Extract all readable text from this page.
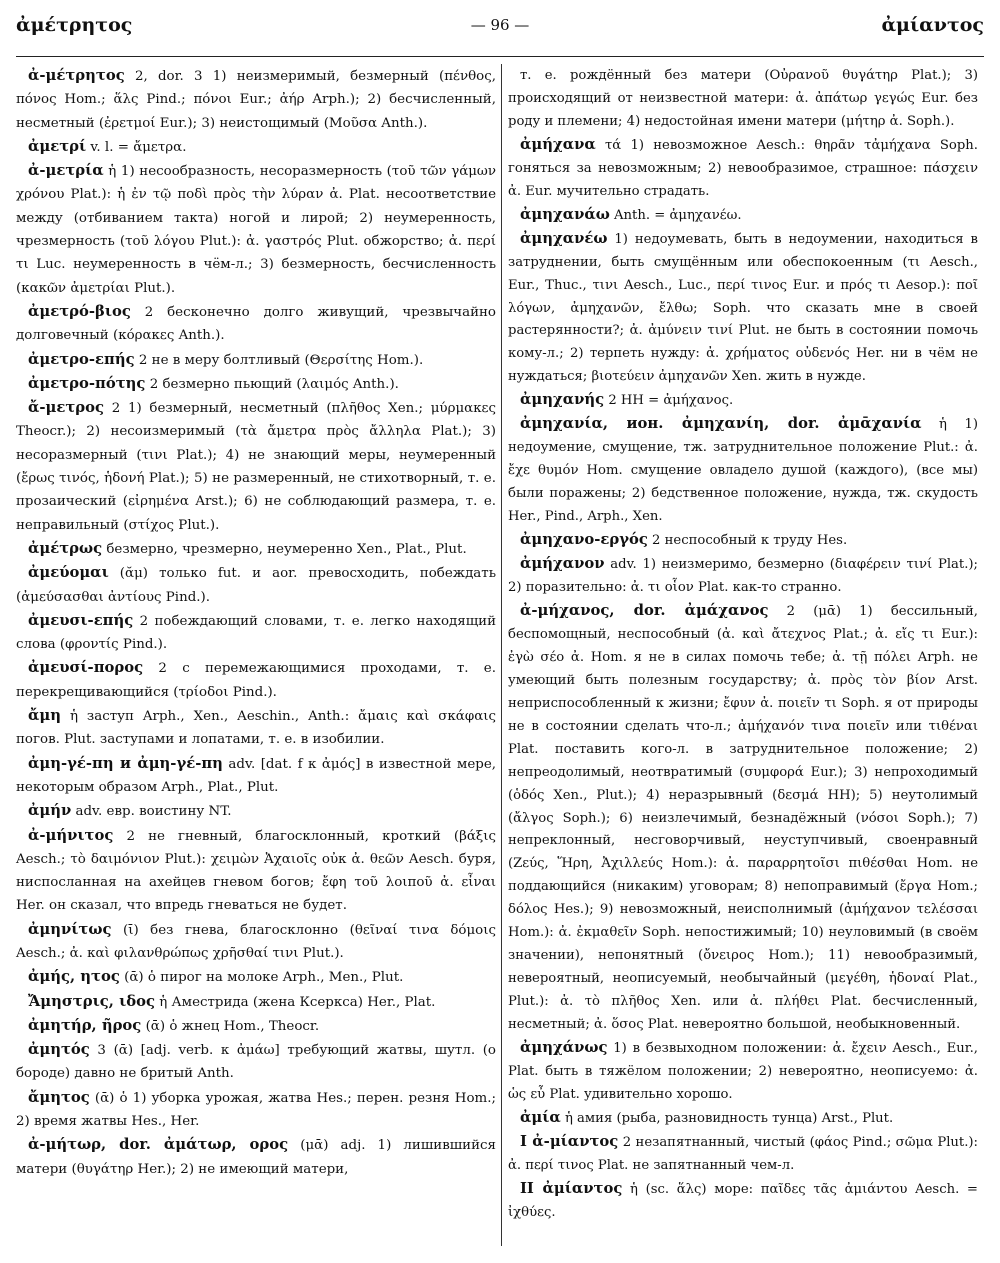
ἀμέτρητος	— 96 —	ἀμίαντος

ἀ-μέτρητος 2, dor. 3 1) неизмеримый, безмерный (πένθος, πόνος Hom.; ἅλς Pind.; πόνοι Eur.; ἀήρ Arph.); 2) бесчисленный, несметный (ἐρετμοί Eur.); 3) неистощимый (Μοῦσα Anth.).

ἀμετρί v. l. = ἄμετρα.

ἀ-μετρία ἡ 1) несообразность, несоразмерность (τοῦ τῶν γάμων χρόνου Plat.): ἡ ἐν τῷ ποδὶ πρὸς τὴν λύραν ἀ. Plat. несоответствие между (отбиванием такта) ногой и лирой; 2) неумеренность, чрезмерность (τοῦ λόγου Plut.): ἀ. γαστρός Plut. обжорство; ἀ. περί τι Luc. неумеренность в чём-л.; 3) безмерность, бесчисленность (κακῶν ἀμετρίαι Plut.).

ἀμετρό-βιος 2 бесконечно долго живущий, чрезвычайно долговечный (κόρακες Anth.).

ἀμετρο-επής 2 не в меру болтливый (Θερσίτης Hom.).

ἀμετρο-πότης 2 безмерно пьющий (λαιμός Anth.).

ἄ-μετρος 2 1) безмерный, несметный (πλῆθος Xen.; μύρμακες Theocr.); 2) несоизмеримый (τὰ ἄμετρα πρὸς ἄλληλα Plat.); 3) несоразмерный (τινι Plat.); 4) не знающий меры, неумеренный (ἔρως τινός, ἡδονή Plat.); 5) не размеренный, не стихотворный, т. е. прозаический (εἰρημένα Arst.); 6) не соблюдающий размера, т. е. неправильный (στίχος Plut.).

ἀμέτρως безмерно, чрезмерно, неумеренно Xen., Plat., Plut.

ἀμεύομαι (ᾰμ) только fut. и aor. превосходить, побеждать (ἀμεύσασθαι ἀντίους Pind.).

ἀμευσι-επής 2 побеждающий словами, т. е. легко находящий слова (φροντίς Pind.).

ἀμευσί-πορος 2 с перемежающимися проходами, т. е. перекрещивающийся (τρίοδοι Pind.).

ἄμη ἡ заступ Arph., Xen., Aeschin., Anth.: ἄμαις καὶ σκάφαις погов. Plut. заступами и лопатами, т. е. в изобилии.

ἀμη-γέ-πη и ἀμη-γέ-πη adv. [dat. f к ἀμός] в известной мере, некоторым образом Arph., Plat., Plut.

ἀμήν adv. евр. воистину NT.

ἀ-μήνιτος 2 не гневный, благосклонный, кроткий (βάξις Aesch.; τὸ δαιμόνιον Plut.): χειμὼν Ἀχαιοῖς οὐκ ἀ. θεῶν Aesch. буря, ниспосланная на ахейцев гневом богов; ἔφη τοῦ λοιποῦ ἀ. εἶναι Her. он сказал, что впредь гневаться не будет.

ἀμηνίτως (ῑ) без гнева, благосклонно (θεῖναί τινα δόμοις Aesch.; ἀ. καὶ φιλανθρώπως χρῆσθαί τινι Plut.).

ἀμής, ητος (ᾱ) ὁ пирог на молоке Arph., Men., Plut.

Ἄμηστρις, ιδος ἡ Аместрида (жена Ксеркса) Her., Plat.

ἀμητήρ, ῆρος (ᾱ) ὁ жнец Hom., Theocr.

ἀμητός 3 (ᾱ) [adj. verb. к ἀμάω] требующий жатвы, шутл. (о бороде) давно не бритый Anth.

ἄμητος (ᾱ) ὁ 1) уборка урожая, жатва Hes.; перен. резня Hom.; 2) время жатвы Hes., Her.

ἀ-μήτωρ, dor. ἀμάτωρ, ορος (μᾱ) adj. 1) лишившийся матери (θυγάτηρ Her.); 2) не имеющий матери,

т. е. рождённый без матери (Οὐρανοῦ θυγάτηρ Plat.); 3) происходящий от неизвестной матери: ἀ. ἀπάτωρ γεγώς Eur. без роду и племени; 4) недостойная имени матери (μήτηρ ἀ. Soph.).

ἀμήχανα τά 1) невозможное Aesch.: θηρᾶν τἀμήχανα Soph. гоняться за невозможным; 2) невообразимое, страшное: πάσχειν ἀ. Eur. мучительно страдать.

ἀμηχανάω Anth. = ἀμηχανέω.

ἀμηχανέω 1) недоумевать, быть в недоумении, находиться в затруднении, быть смущённым или обеспокоенным (τι Aesch., Eur., Thuc., τινι Aesch., Luc., περί τινος Eur. и πρός τι Aesop.): ποῖ λόγων, ἀμηχανῶν, ἔλθω; Soph. что сказать мне в своей растерянности?; ἀ. ἀμύνειν τινί Plut. не быть в состоянии помочь кому-л.; 2) терпеть нужду: ἀ. χρήματος οὐδενός Her. ни в чём не нуждаться; βιοτεύειν ἀμηχανῶν Xen. жить в нужде.

ἀμηχανής 2 HH = ἀμήχανος.

ἀμηχανία, ион. ἀμηχανίη, dor. ἀμᾱχανία ἡ 1) недоумение, смущение, тж. затруднительное положение Plut.: ἀ. ἔχε θυμόν Hom. смущение овладело душой (каждого), (все мы) были поражены; 2) бедственное положение, нужда, тж. скудость Her., Pind., Arph., Xen.

ἀμηχανο-εργός 2 неспособный к труду Hes.

ἀμήχανον adv. 1) неизмеримо, безмерно (διαφέρειν τινί Plat.); 2) поразительно: ἀ. τι οἷον Plat. как-то странно.

ἀ-μήχανος, dor. ἀμάχανος 2 (μᾱ) 1) бессильный, беспомощный, неспособный (ἀ. καὶ ἄτεχνος Plat.; ἀ. εἴς τι Eur.): ἐγὼ σέο ἀ. Hom. я не в силах помочь тебе; ἀ. τῇ πόλει Arph. не умеющий быть полезным государству; ἀ. πρὸς τὸν βίον Arst. неприспособленный к жизни; ἔφυν ἀ. ποιεῖν τι Soph. я от природы не в состоянии сделать что-л.; ἀμήχανόν τινα ποιεῖν или τιθέναι Plat. поставить кого-л. в затруднительное положение; 2) непреодолимый, неотвратимый (συμφορά Eur.); 3) непроходимый (ὁδός Xen., Plut.); 4) неразрывный (δεσμά HH); 5) неутолимый (ἄλγος Soph.); 6) неизлечимый, безнадёжный (νόσοι Soph.); 7) непреклонный, несговорчивый, неуступчивый, своенравный (Ζεύς, Ἥρη, Ἀχιλλεύς Hom.): ἀ. παραρρητοῖσι πιθέσθαι Hom. не поддающийся (никаким) уговорам; 8) непоправимый (ἔργα Hom.; δόλος Hes.); 9) невозможный, неисполнимый (ἀμήχανον τελέσσαι Hom.): ἀ. ἐκμαθεῖν Soph. непостижимый; 10) неуловимый (в своём значении), непонятный (ὄνειρος Hom.); 11) невообразимый, невероятный, неописуемый, необычайный (μεγέθη, ἡδοναί Plat., Plut.): ἀ. τὸ πλῆθος Xen. или ἀ. πλήθει Plat. бесчисленный, несметный; ἀ. ὅσος Plat. невероятно большой, необыкновенный.

ἀμηχάνως 1) в безвыходном положении: ἀ. ἔχειν Aesch., Eur., Plat. быть в тяжёлом положении; 2) невероятно, неописуемо: ἀ. ὡς εὖ Plat. удивительно хорошо.

ἀμία ἡ амия (рыба, разновидность тунца) Arst., Plut.

I ἀ-μίαντος 2 незапятнанный, чистый (φάος Pind.; σῶμα Plut.): ἀ. περί τινος Plat. не запятнанный чем-л.

II ἀμίαντος ἡ (sc. ἅλς) море: παῖδες τᾶς ἀμιάντου Aesch. = ἰχθύες.
